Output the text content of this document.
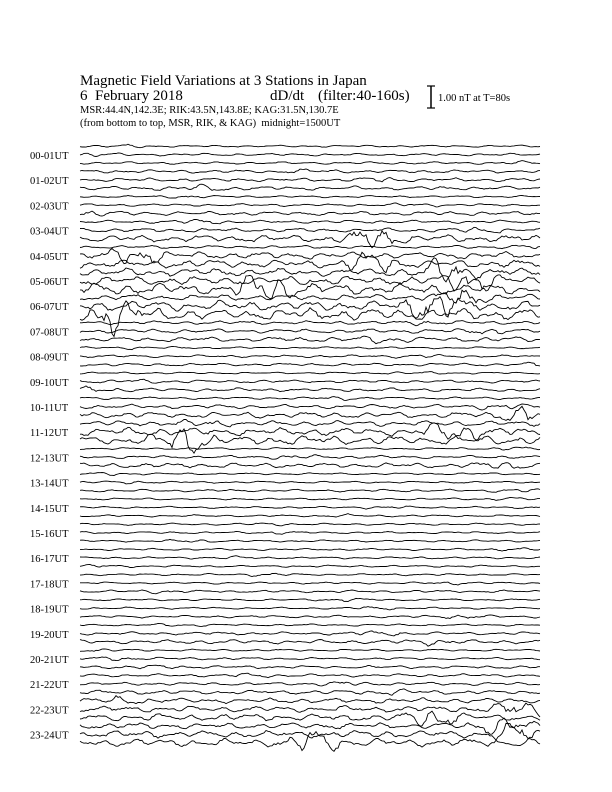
Magnetic Field Variations at 3 Stations in Japan
6 February 2018	dD/dt (filter:40-160s)
MSR:44.4N,142.3E; RIK:43.5N,143.8E; KAG:31.5N,130.7E
(from bottom to top, MSR, RIK, & KAG) midnight=1500UT
1.00 nT at T=80s
00-01UT
01-02UT
02-03UT
03-04UT
04-05UT
05-06UT
06-07UT
07-08UT
08-09UT
09-10UT
10-11UT
11-12UT
12-13UT
13-14UT
14-15UT
15-16UT
16-17UT
17-18UT
18-19UT
19-20UT
20-21UT
21-22UT
22-23UT
23-24UT
